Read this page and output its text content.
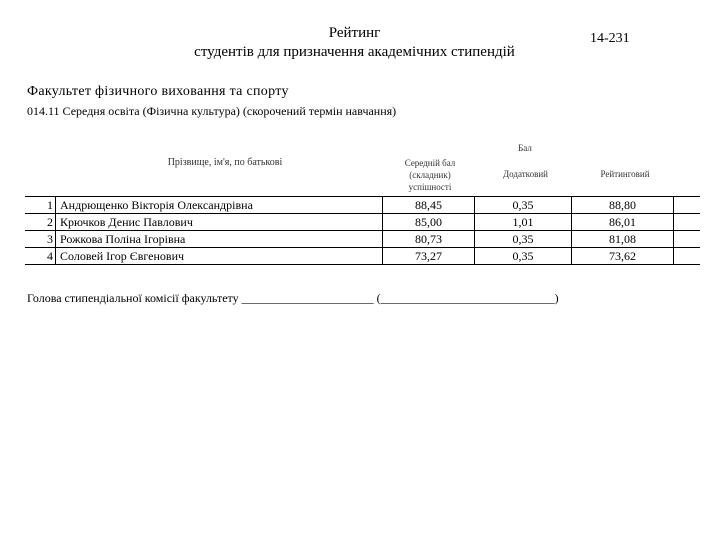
Рейтинг
студентів для призначення академічних стипендій
14-231
Факультет фізичного виховання та спорту
014.11 Середня освіта (Фізична культура) (скорочений термін навчання)
Прізвище, ім'я, по батькові
Бал
Середній бал
(складник)
успішності
Додатковий	Рейтинговий
1	Андрющенко Вікторія Олександрівна	88,45	0,35	88,80	
2	Крючков Денис Павлович	85,00	1,01	86,01	
3	Рожкова Поліна Ігорівна	80,73	0,35	81,08	
4	Соловей Ігор Євгенович	73,27	0,35	73,62	
Голова стипендіальної комісії факультету ______________________ (_____________________________)
